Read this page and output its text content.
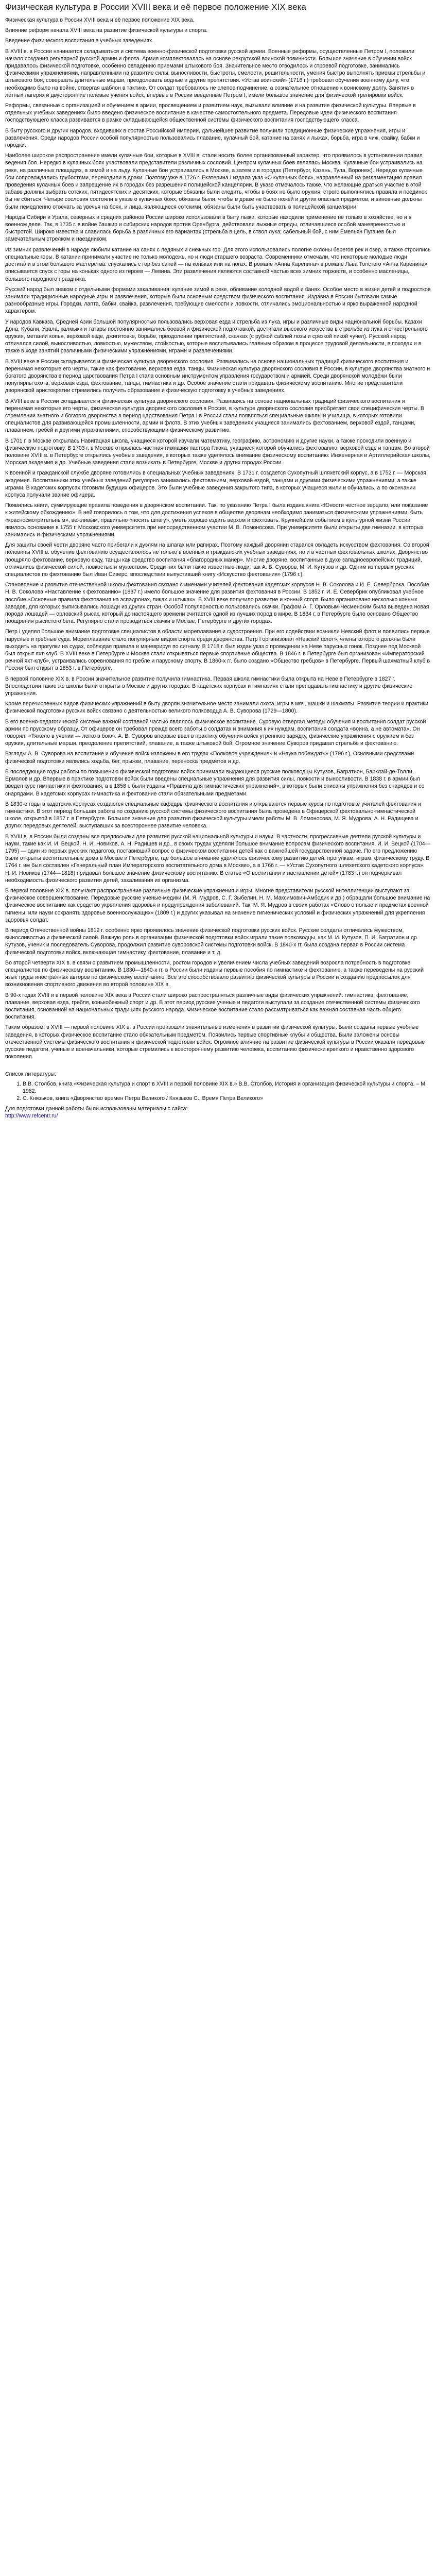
Физическая культура в России XVIII века и её первое положение XIX века

Физическая культура в России XVIII века и её первое положение XIX века.

Влияние реформ начала XVIII века на развитие физической культуры и спорта.

Введение физического воспитания в учебных заведениях.

В XVIII в. в России начинается складываться и система военно-физической подготовки русской армии. Военные реформы, осуществленные Петром I, положили начало создания регулярной русской армии и флота. Армия комплектовалась на основе рекрутской воинской повинности. Большое значение в обучении войск придавалось физической подготовке, особенно овладению приемами штыкового боя. Значительное место отводилось и строевой подготовке, занимались физическими упражнениями, направленными на развитие силы, выносливости, быстроты, смелости, решительности, умения быстро выполнять приемы стрельбы и штыкового боя, совершать длительные марши, преодолевать водные и другие препятствия. «Устав воинский» (1716 г.) требовал обучения военному делу, что необходимо было на войне, отвергая шаблон в тактике. От солдат требовалось не слепое подчинение, а сознательное отношение к воинскому долгу. Занятия в летных лагерях и двусторонние полевые учения войск, впервые в России введенные Петром I, имели большое значение для физической тренировки войск.

Реформы, связанные с организацией и обучением в армии, просвещением и развитием наук, вызывали влияние и на развитие физической культуры. Впервые в отдельных учебных заведениях было введено физическое воспитание в качестве самостоятельного предмета. Передовые идеи физического воспитания господствующего класса развивается в рамке складывающейся общественной системы физического воспитания господствующего класса.

В быту русского и других народов, входивших в состав Российской империи, дальнейшее развитие получили традиционные физические упражнения, игры и развлечения. Среди народов России особой популярностью пользовались плавание, кулачный бой, катание на санях и лыжах, борьба, игра в чиж, свайку, бабки и городки.

Наиболее широкое распространение имели кулачные бои, которые в XVIII в. стали носить более организованный характер, что проявилось в установлении правил ведения боя. Нередко в кулачных боях участвовали представители различных сословий. Центром кулачных боев являлась Москва. Кулачные бои устраивались на реке, на различных площадях, а зимой и на льду. Кулачные бои устраивались в Москве, а затем и в городах (Петербург, Казань, Тула, Воронеж). Нередко кулачные бои сопровождались грубостями, переходили в драки. Поэтому уже в 1726 г. Екатерина I издала указ «О кулачных боях», направленный на регламентацию правил проведения кулачных боев и запрещение их в городах без разрешения полицейской канцелярии. В указе отмечалось также, что желающие драться участие в этой забаве должны выбрать сотских, пятидесятских и десятских, которые обязаны были следить, чтобы в боях не было оружия, строго выполнялись правила и поединок бы не сбиться. Четыре сословия состояли в указе о кулачных боях, обязаны были, чтобы в драке не было ножей и других опасных предметов, и виновные должны были немедленно отвечать за увечья на боях, и лица, являющиеся сотскими, обязаны были быть участвовать в полицейской канцелярии.

Народы Сибири и Урала, северных и средних районов России широко использовали в быту лыжи, которые находили применение не только в хозяйстве, но и в военном деле. Так, в 1735 г. в войне башкир и сибирских народов против Оренбурга, действовали лыжные отряды, отличавшиеся особой маневренностью и быстротой. Широко известна и славилась борьба в различных его вариантах (стрельба в цель, в ствол лука; сабельный бой, с ним Емельян Пугачев был замечательным стрелком и наездником.

Из зимних развлечений в народе любили катание на санях с ледяных и снежных гор. Для этого использовались пологие склоны берегов рек и озер, а также строились специальные горы. В катании принимали участие не только молодежь, но и люди старшего возраста. Современники отмечали, что некоторые молодые люди достигали в этом большого мастерства: спускались с гор без саней — на коньках или на ногах. В романе «Анна Каренина» в романе Льва Толстого «Анна Каренина» описывается спуск с горы на коньках одного из героев — Левина. Эти развлечения являются составной частью всех зимних торжеств, и особенно масленицы, большого народного праздника.

Русский народ был знаком с отдельными формами закаливания: купание зимой в реке, обливание холодной водой и банях. Особое место в жизни детей и подростков занимали традиционные народные игры и развлечения, которые были основным средством физического воспитания. Издавна в России бытовали самые разнообразные игры. Городки, лапта, бабки, свайка, развлечения, требующие смелости и ловкости, отличались эмоциональностью и ярко выраженной народной характером.

У народов Кавказа, Средней Азии большой популярностью пользовались верховая езда и стрельба из лука, игры и различные виды национальной борьбы. Казахи Дона, Кубани, Урала, калмыки и татары постоянно занимались боевой и физической подготовкой, достигали высокого искусства в стрельбе из лука и огнестрельного оружия, метании копья, верховой езде, джигитовке, борьбе, преодолении препятствий, скачках (с рубкой саблей лозы и срезкой пикой чучел). Русский народ отличался силой, выносливостью, ловкостью, мужеством, стойкостью, которые воспитывались главным образом в процессе трудовой деятельности, в походах и в также в ходе занятий различными физическими упражнениями, играми и развлечениями.

В XVIII веке в России складывается и физическая культура дворянского сословия. Развивались на основе национальных традиций физического воспитания и перенимая некоторые его черты, такие как фехтование, верховая езда, танцы. Физическая культура дворянского сословия в России, в культуре дворянства знатного и богатого дворянства в период царствования Петра I стала основным инструментом управления государством и армией. Среди дворянской молодёжи были популярны охота, верховая езда, фехтование, танцы, гимнастика и др. Особое значение стали придавать физическому воспитанию. Многие представители дворянской аристократии стремились получить образование и физическую подготовку в учебных заведениях.

В XVIII веке в России складывается и физическая культура дворянского сословия. Развиваясь на основе национальных традиций физического воспитания и перенимая некоторые его черты, физическая культура дворянского сословия в России, в культуре дворянского сословия приобретает свои специфические черты. В стремлении знатного и богатого дворянства в период царствования Петра I в России стали появляться специальные школы и училища, в которых готовили специалистов для развивающейся промышленности, армии и флота. В этих учебных заведениях учащиеся занимались фехтованием, верховой ездой, танцами, плаванием, гребей и другими упражнениями, способствующими физическому развитию.

В 1701 г. в Москве открылась Навигацкая школа, учащиеся которой изучали математику, географию, астрономию и другие науки, а также проходили военную и физическую подготовку. В 1703 г. в Москве открылась частная гимназия пастора Глюка, учащиеся которой обучались фехтованию, верховой езде и танцам. Во второй половине XVIII в. в Петербурге открылись учебные заведения, в которых также уделялось внимание физическому воспитанию: Инженерная и Артиллерийская школы, Морская академия и др. Учебные заведения стали возникать в Петербурге, Москве и других городах России.

К военной и гражданской службе дворяне готовились в специальных учебных заведениях. В 1731 г. создается Сухопутный шляхетский корпус, а в 1752 г. — Морская академия. Воспитанники этих учебных заведений регулярно занимались фехтованием, верховой ездой, танцами и другими физическими упражнениями, а также играми. В кадетских корпусах готовили будущих офицеров. Это были учебные заведения закрытого типа, в которых учащиеся жили и обучались, а по окончании корпуса получали звание офицера.

Появились книги, суммирующие правила поведения в дворянском воспитании. Так, по указанию Петра I была издана книга «Юности честное зерцало, или показание к житейскому обхождению». В ней говорилось о том, что для достижения успехов в обществе дворянам необходимо заниматься физическими упражнениями, быть «красносмотрительным», вежливым, правильно «носить шпагу», уметь хорошо ездить верхом и фехтовать. Крупнейшим событием в культурной жизни России явилось основание в 1755 г. Московского университета при непосредственном участии М. В. Ломоносова. При университете были открыты две гимназии, в которых занимались и физическими упражнениями.

Для защиты своей чести дворяне часто прибегали к дуэлям на шпагах или рапирах. Поэтому каждый дворянин старался овладеть искусством фехтования. Со второй половины XVIII в. обучение фехтованию осуществлялось не только в военных и гражданских учебных заведениях, но и в частных фехтовальных школах. Дворянство поощряло фехтование, верховую езду, танцы как средство воспитания «благородных манер». Многие дворяне, воспитанные в духе западноевропейских традиций, отличались физической силой, ловкостью и мужеством. Среди них были такие известные люди, как А. В. Суворов, М. И. Кутузов и др. Одним из первых русских специалистов по фехтованию был Иван Сиверс, впоследствии выпустивший книгу «Искусство фехтования» (1796 г.).

Становление и развитие отечественной школы фехтования связано с именами учителей фехтования кадетских корпусов Н. В. Соколова и И. Е. Северброка. Пособие Н. В. Соколова «Наставление к фехтованию» (1837 г.) имело большое значение для развития фехтования в России. В 1852 г. И. Е. Севербрик опубликовал учебное пособие «Основные правила фехтования на эспадронах, пиках и штыках». В XVIII веке получило развитие и конный спорт. Было организовано несколько конных заводов, для которых выписывались лошади из других стран. Особой популярностью пользовались скачки. Графом А. Г. Орловым-Чесменским была выведена новая порода лошадей — орловский рысак, который до настоящего времени считается одной из лучших пород в мире. В 1834 г. в Петербурге было основано Общество поощрения рысистого бега. Регулярно стали проводиться скачки в Москве, Петербурге и других городах.

Петр I уделял большое внимание подготовке специалистов в области мореплавания и судостроения. При его содействии возникли Невский флот и появились первые парусные и гребные суда. Мореплавание стало популярным видом спорта среди дворянства. Петр I организовал «Невский флот», члены которого должны были выходить на прогулки на судах, соблюдая правила и маневрируя по сигналу. В 1718 г. был издан указ о проведении на Неве парусных гонок. Позднее под Москвой был открыт яхт-клуб. В XVIII веке в Петербурге и Москве стали открываться первые спортивные общества. В 1846 г. в Петербурге был организован «Императорский речной яхт-клуб», устраивались соревнования по гребле и парусному спорту. В 1860-х гг. было создано «Общество гребцов» в Петербурге. Первый шахматный клуб в России был открыт в 1853 г. в Петербурге.

В первой половине XIX в. в России значительное развитие получила гимнастика. Первая школа гимнастики была открыта на Неве в Петербурге в 1827 г. Впоследствии такие же школы были открыты в Москве и других городах. В кадетских корпусах и гимназиях стали преподавать гимнастику и другие физические упражнения.

Кроме перечисленных видов физических упражнений в быту дворян значительное место занимали охота, игры в мяч, шашки и шахматы. Развитие теории и практики физической подготовки русских войск связано с деятельностью великого полководца А. В. Суворова (1729—1800).

В его военно-педагогической системе важной составной частью являлось физическое воспитание. Суровую отвергал методы обучения и воспитания солдат русской армии по прусскому образцу. От офицеров он требовал прежде всего заботы о солдатах и внимания к их нуждам, воспитания солдата «воина, а не автомата». Он говорил: «Тяжело в учении — легко в бою». А. В. Суворов впервые ввел в практику обучения войск утреннюю зарядку, физические упражнения с оружием и без оружия, длительные марши, преодоление препятствий, плавание, а также штыковой бой. Огромное значение Суворов придавал стрельбе и фехтованию.

Взгляды А. В. Суворова на воспитание и обучение войск изложены в его трудах «Полковое учреждение» и «Наука побеждать» (1796 г.). Основными средствами физической подготовки являлись ходьба, бег, прыжки, плавание, переноска предметов и др.

В последующие годы работы по повышению физической подготовки войск принимали выдающиеся русские полководцы Кутузов, Багратион, Барклай-де-Толли, Ермолов и др. Впервые в практике подготовки войск были введены специальные упражнения для развития силы, ловкости и выносливости. В 1838 г. в армии был введен курс гимнастики и фехтования, а в 1858 г. были изданы «Правила для гимнастических упражнений», в которых были описаны упражнения без снарядов и со снарядами. В кадетских корпусах гимнастика и фехтование стали обязательными предметами.

В 1830-е годы в кадетских корпусах создаются специальные кафедры физического воспитания и открываются первые курсы по подготовке учителей фехтования и гимнастики. В этот период большая работа по созданию русской системы физического воспитания была проведена в Офицерской фехтовально-гимнастической школе, открытой в 1857 г. в Петербурге. Большое значение для развития физической культуры имели работы М. В. Ломоносова, М. Я. Мудрова, А. Н. Радищева и других передовых деятелей, выступавших за всестороннее развитие человека.

В XVIII в. в России были созданы все предпосылки для развития русской национальной культуры и науки. В частности, прогрессивные деятели русской культуры и науки, такие как И. И. Бецкой, Н. И. Новиков, А. Н. Радищев и др., в своих трудах уделяли большое внимание вопросам физического воспитания. И. И. Бецкой (1704—1795) — один из первых русских педагогов, поставивший вопрос о физическом воспитании детей как о важнейшей государственной задаче. По его предложению были открыты воспитательные дома в Москве и Петербурге, где большое внимание уделялось физическому развитию детей: прогулкам, играм, физическому труду. В 1764 г. им был составлен «Генеральный план Императорского воспитательного дома в Москве», а в 1766 г. — «Устав Сухопутного шляхетского кадетского корпуса». Н. И. Новиков (1744—1818) придавал большое значение физическому воспитанию. В статье «О воспитании и наставлении детей» (1783 г.) он подчеркивал необходимость физического развития детей, закаливания их организма.

В первой половине XIX в. получают распространение различные физические упражнения и игры. Многие представители русской интеллигенции выступают за физическое совершенствование. Передовые русские ученые-медики (М. Я. Мудров, С. Г. Зыбелин, Н. М. Максимович-Амбодик и др.) обращали большое внимание на физическое воспитание как средство укрепления здоровья и предупреждения заболеваний. Так, М. Я. Мудров в своих работах «Слово о пользе и предметах военной гигиены, или науки сохранять здоровье военнослужащих» (1809 г.) и других указывал на значение гигиенических условий и физических упражнений для укрепления здоровья солдат.

В период Отечественной войны 1812 г. особенно ярко проявилось значение физической подготовки русских войск. Русские солдаты отличались мужеством, выносливостью и физической силой. Важную роль в организации физической подготовки войск играли такие полководцы, как М. И. Кутузов, П. И. Багратион и др. Кутузов, ученик и последователь Суворова, продолжил развитие суворовской системы подготовки войск. В 1840-х гг. была создана первая в России система физической подготовки войск, включающая гимнастику, фехтование, плавание и т. д.

Во второй четверти XIX в. в связи с развитием промышленности, ростом городов и увеличением числа учебных заведений возросла потребность в подготовке специалистов по физическому воспитанию. В 1830—1840-х гг. в России были изданы первые пособия по гимнастике и фехтованию, а также переведены на русский язык труды иностранных авторов по физическому воспитанию. Все это способствовало развитию физической культуры в России и созданию предпосылок для возникновения спортивного движения во второй половине XIX в.

В 90-х годах XVIII и в первой половине XIX века в России стали широко распространяться различные виды физических упражнений: гимнастика, фехтование, плавание, верховая езда, гребля, конькобежный спорт и др. В этот период русские ученые и педагоги выступали за создание отечественной системы физического воспитания, основанной на национальных традициях русского народа. Физическое воспитание стало рассматриваться как важная составная часть общего воспитания.

Таким образом, в XVIII — первой половине XIX в. в России произошли значительные изменения в развитии физической культуры. Были созданы первые учебные заведения, в которых физическое воспитание стало обязательным предметом. Появились первые спортивные клубы и общества. Были заложены основы отечественной системы физического воспитания и физической подготовки войск. Огромное влияние на развитие физической культуры в России оказали передовые русские педагоги, ученые и военачальники, которые стремились к всестороннему развитию человека, воспитанию физически крепкого и нравственно здорового поколения.

Список литературы:
1. В.В. Столбов, книга «Физическая культура и спорт в XVIII и первой половине XIX в.» В.В. Столбов, История и организация физической культуры и спорта. – М. 1982.
2. С. Князьков, книга «Дворянство времен Петра Великого / Князьков С., Время Петра Великого»
Для подготовки данной работы были использованы материалы с сайта:
http://www.refcentr.ru/
